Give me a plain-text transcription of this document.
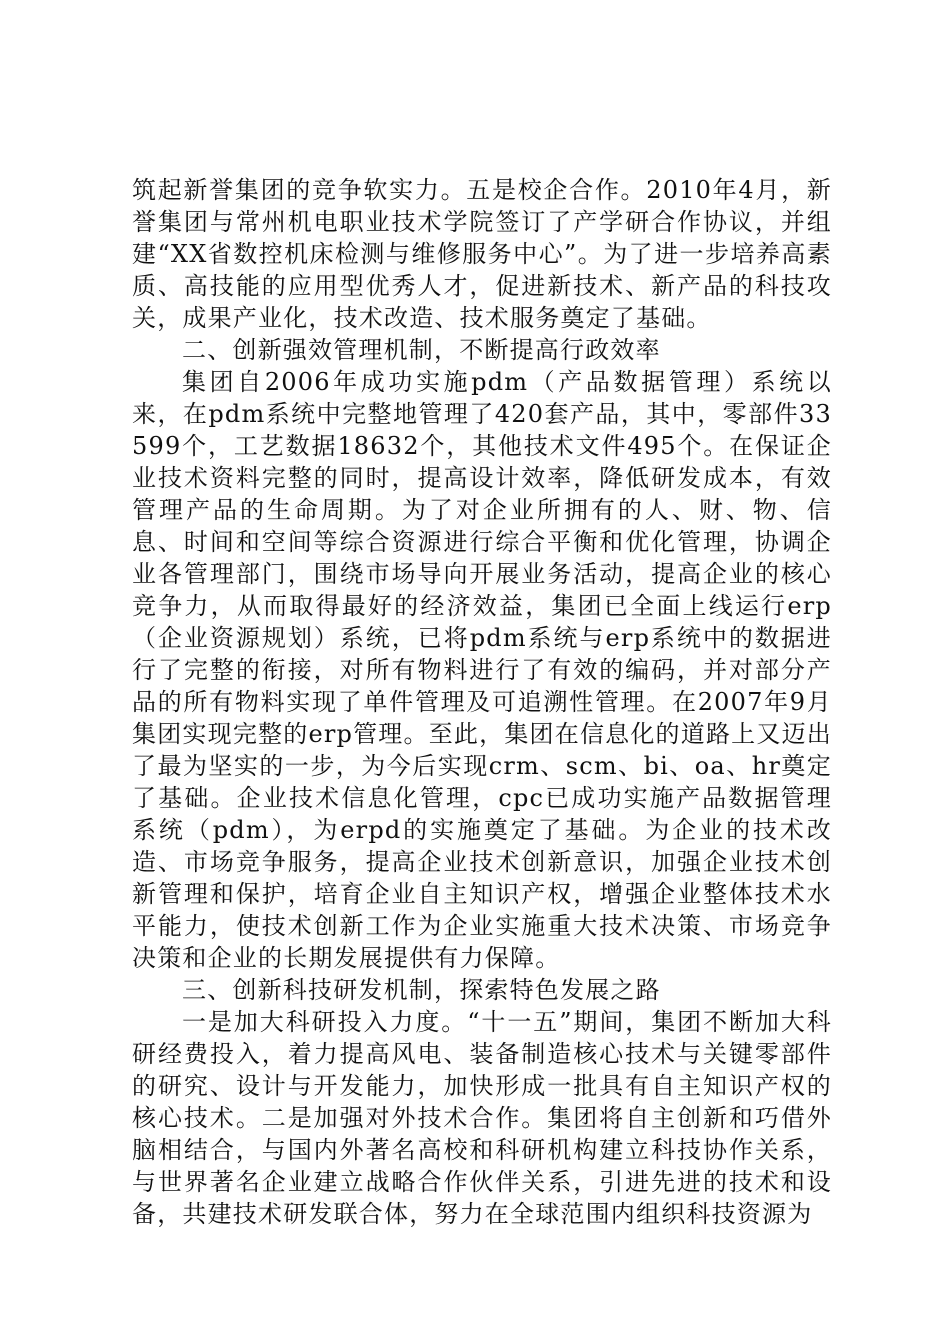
筑起新誉集团的竞争软实力。五是校企合作。2010年4月，新誉集团与常州机电职业技术学院签订了产学研合作协议，并组建“XX省数控机床检测与维修服务中心”。为了进一步培养高素质、高技能的应用型优秀人才，促进新技术、新产品的科技攻关，成果产业化，技术改造、技术服务奠定了基础。

二、创新强效管理机制，不断提高行政效率

集团自2006年成功实施pdm（产品数据管理）系统以来，在pdm系统中完整地管理了420套产品，其中，零部件33599个，工艺数据18632个，其他技术文件495个。在保证企业技术资料完整的同时，提高设计效率，降低研发成本，有效管理产品的生命周期。为了对企业所拥有的人、财、物、信息、时间和空间等综合资源进行综合平衡和优化管理，协调企业各管理部门，围绕市场导向开展业务活动，提高企业的核心竞争力，从而取得最好的经济效益，集团已全面上线运行erp（企业资源规划）系统，已将pdm系统与erp系统中的数据进行了完整的衔接，对所有物料进行了有效的编码，并对部分产品的所有物料实现了单件管理及可追溯性管理。在2007年9月集团实现完整的erp管理。至此，集团在信息化的道路上又迈出了最为坚实的一步，为今后实现crm、scm、bi、oa、hr奠定了基础。企业技术信息化管理，cpc已成功实施产品数据管理系统（pdm），为erpd的实施奠定了基础。为企业的技术改造、市场竞争服务，提高企业技术创新意识，加强企业技术创新管理和保护，培育企业自主知识产权，增强企业整体技术水平能力，使技术创新工作为企业实施重大技术决策、市场竞争决策和企业的长期发展提供有力保障。

三、创新科技研发机制，探索特色发展之路

一是加大科研投入力度。“十一五”期间，集团不断加大科研经费投入，着力提高风电、装备制造核心技术与关键零部件的研究、设计与开发能力，加快形成一批具有自主知识产权的核心技术。二是加强对外技术合作。集团将自主创新和巧借外脑相结合，与国内外著名高校和科研机构建立科技协作关系，与世界著名企业建立战略合作伙伴关系，引进先进的技术和设备，共建技术研发联合体，努力在全球范围内组织科技资源为
